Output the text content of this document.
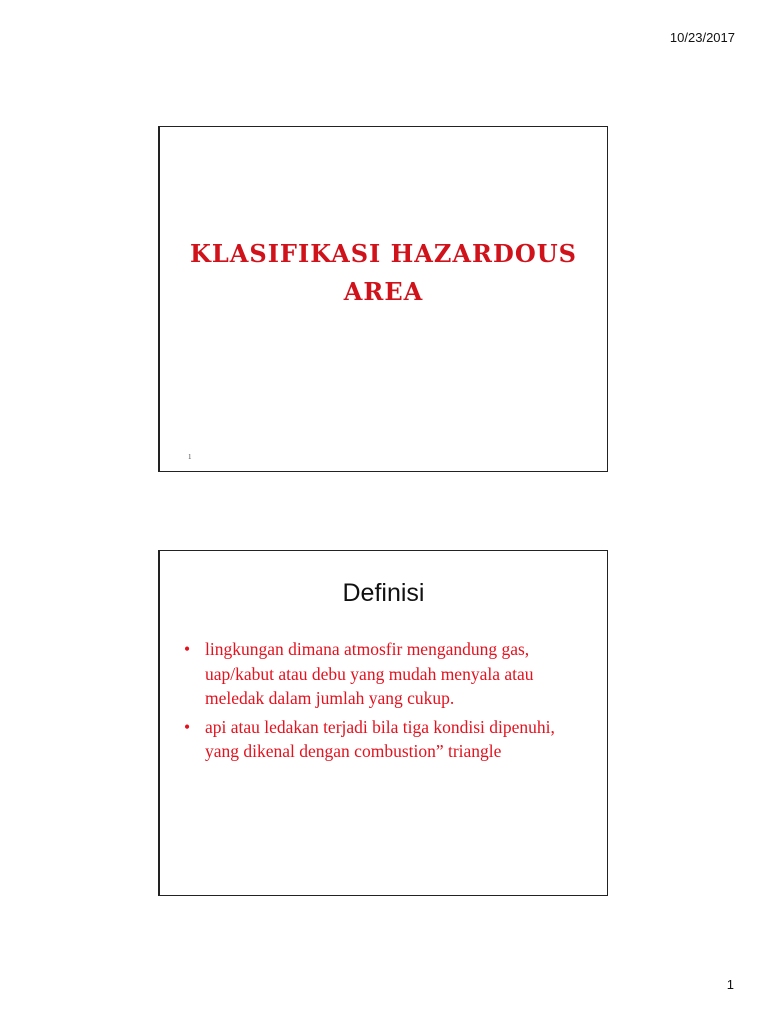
10/23/2017
KLASIFIKASI HAZARDOUS
AREA
1
Definisi
• lingkungan dimana atmosfir mengandung gas, uap/kabut atau debu yang mudah menyala atau meledak dalam jumlah yang cukup.
• api atau ledakan terjadi bila tiga kondisi dipenuhi, yang dikenal dengan combustion” triangle
1
